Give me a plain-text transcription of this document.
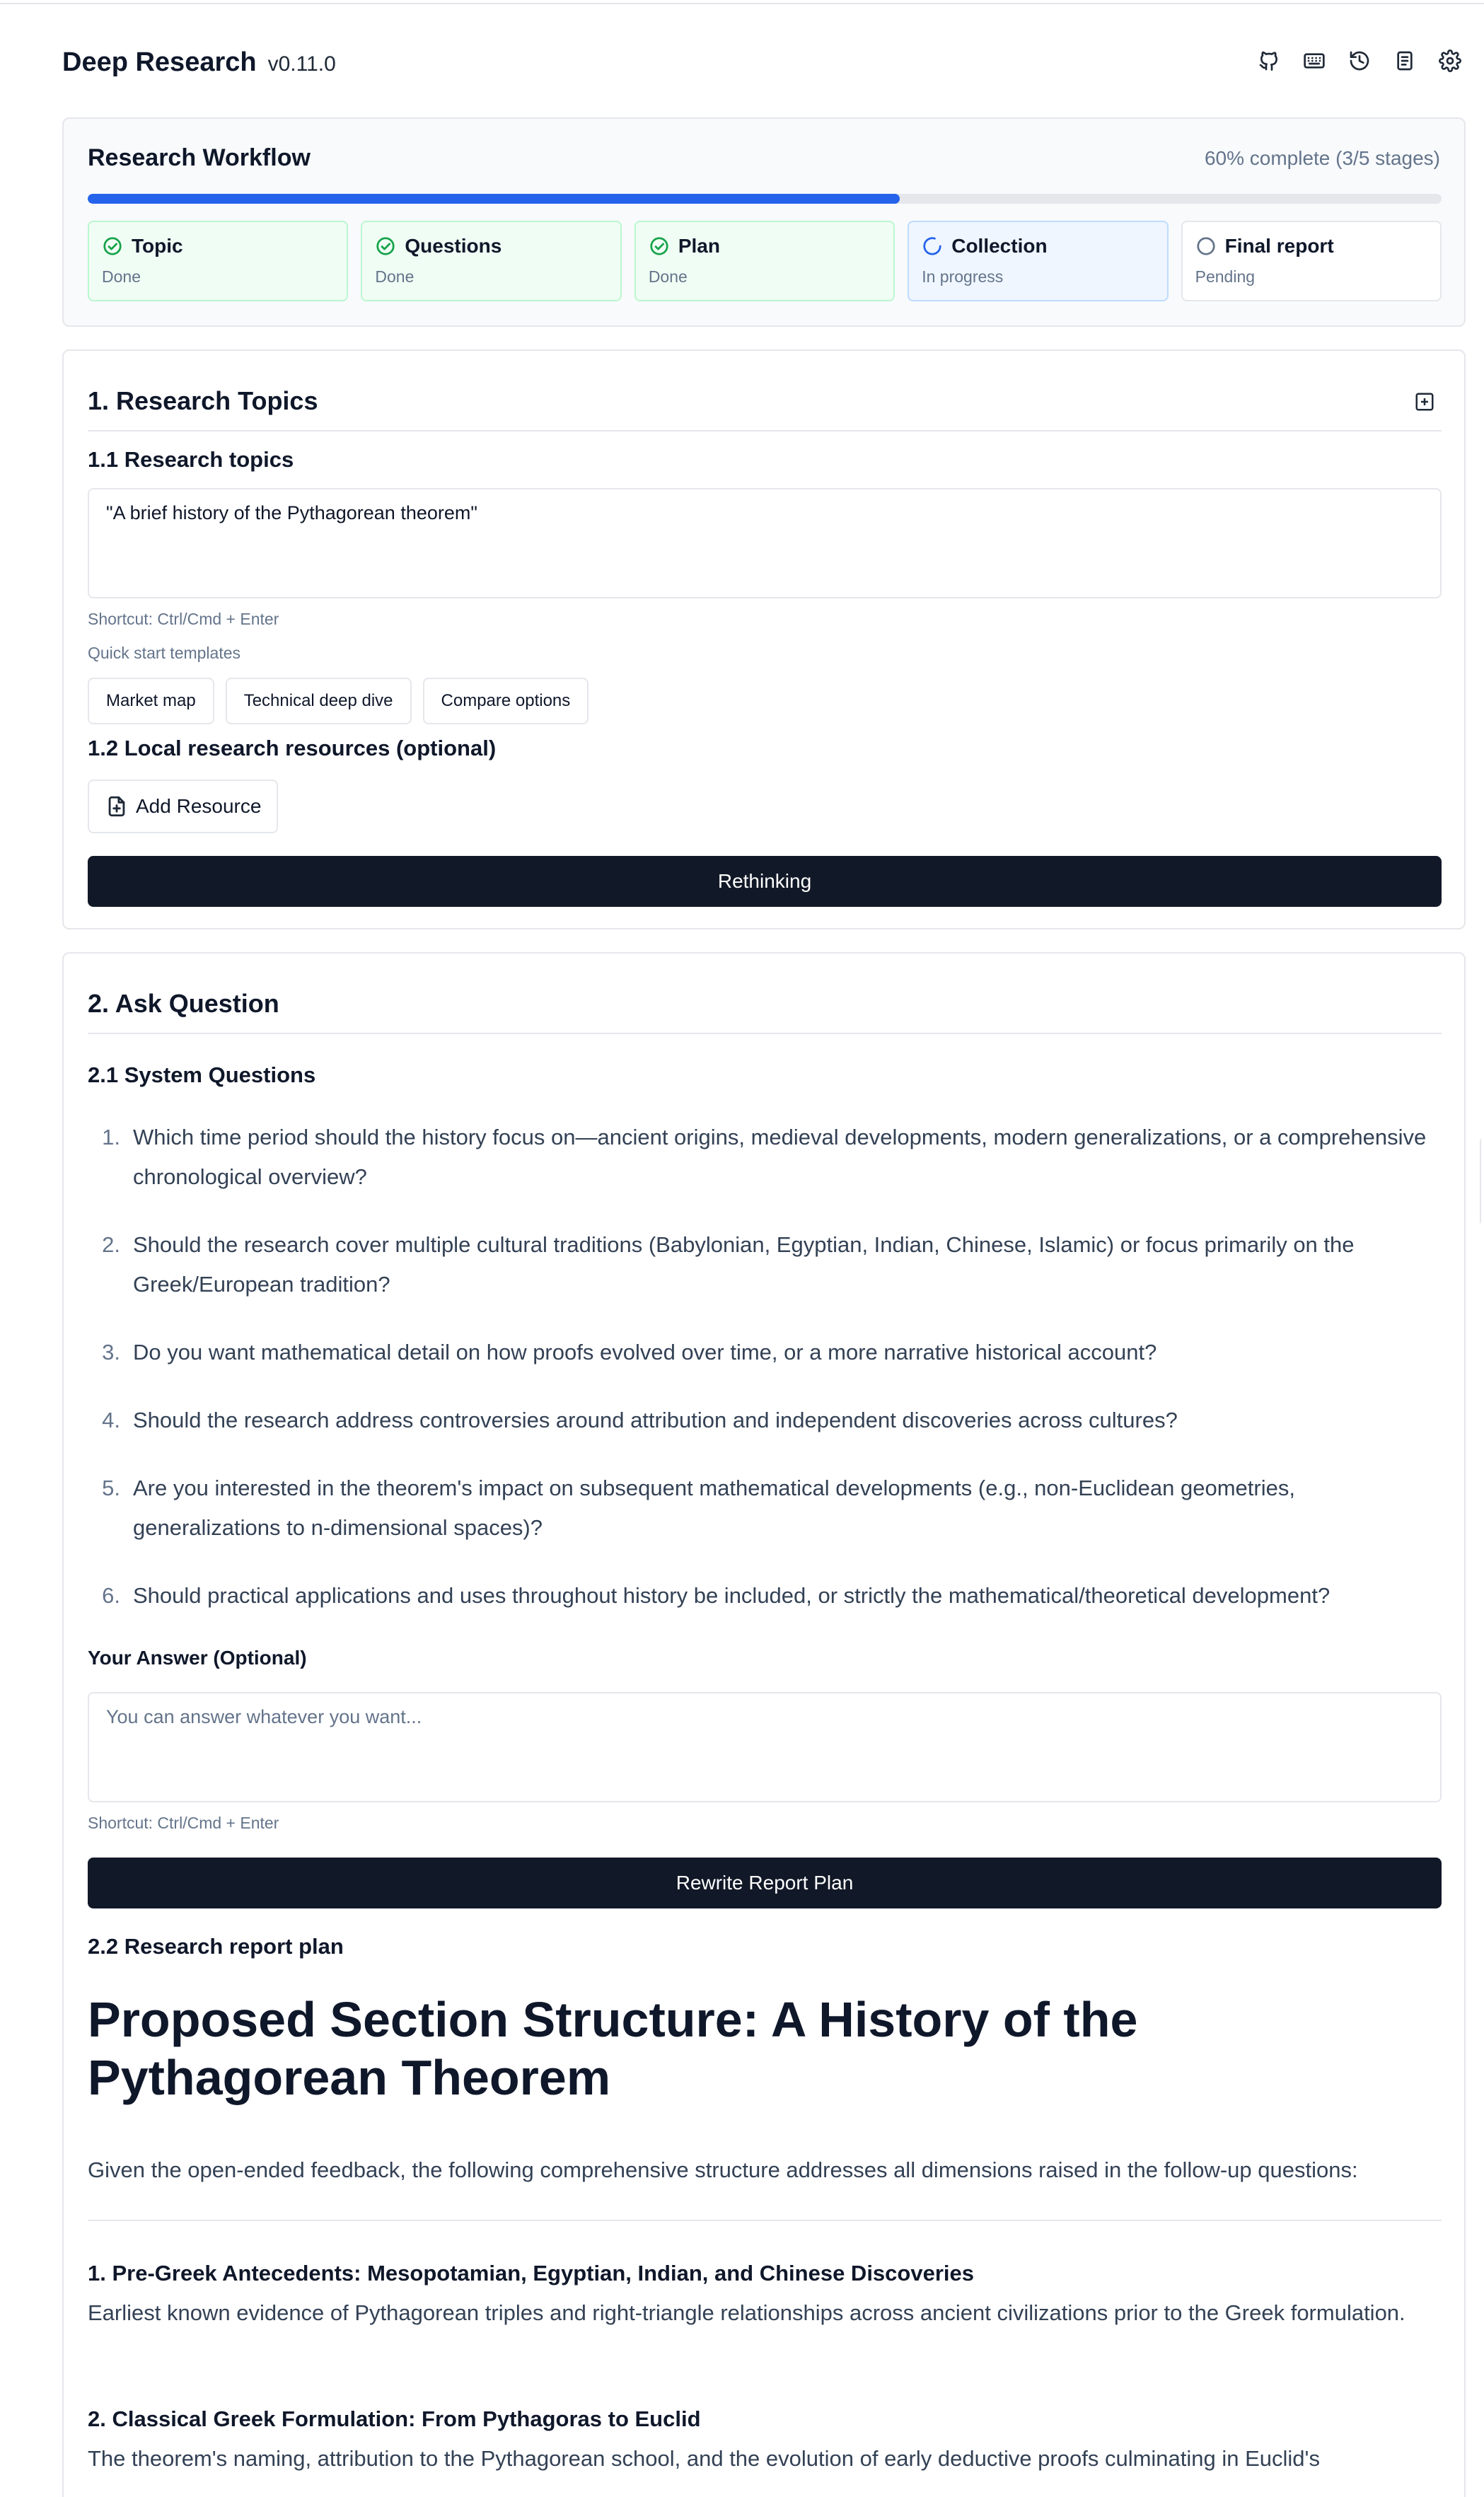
Deep Research v0.11.0
Research Workflow	60% complete (3/5 stages)
Topic
Done
Questions
Done
Plan
Done
Collection
In progress
Final report
Pending
1. Research Topics
1.1 Research topics
"A brief history of the Pythagorean theorem"
Shortcut: Ctrl/Cmd + Enter
Quick start templates
Market map	Technical deep dive	Compare options
1.2 Local research resources (optional)
Add Resource
Rethinking
2. Ask Question
2.1 System Questions
1. Which time period should the history focus on—ancient origins, medieval developments, modern generalizations, or a comprehensive chronological overview?
2. Should the research cover multiple cultural traditions (Babylonian, Egyptian, Indian, Chinese, Islamic) or focus primarily on the Greek/European tradition?
3. Do you want mathematical detail on how proofs evolved over time, or a more narrative historical account?
4. Should the research address controversies around attribution and independent discoveries across cultures?
5. Are you interested in the theorem's impact on subsequent mathematical developments (e.g., non-Euclidean geometries, generalizations to n-dimensional spaces)?
6. Should practical applications and uses throughout history be included, or strictly the mathematical/theoretical development?
Your Answer (Optional)
You can answer whatever you want...
Shortcut: Ctrl/Cmd + Enter
Rewrite Report Plan
2.2 Research report plan
Proposed Section Structure: A History of the Pythagorean Theorem
Given the open-ended feedback, the following comprehensive structure addresses all dimensions raised in the follow-up questions:
1. Pre-Greek Antecedents: Mesopotamian, Egyptian, Indian, and Chinese Discoveries
Earliest known evidence of Pythagorean triples and right-triangle relationships across ancient civilizations prior to the Greek formulation.
2. Classical Greek Formulation: From Pythagoras to Euclid
The theorem's naming, attribution to the Pythagorean school, and the evolution of early deductive proofs culminating in Euclid's
